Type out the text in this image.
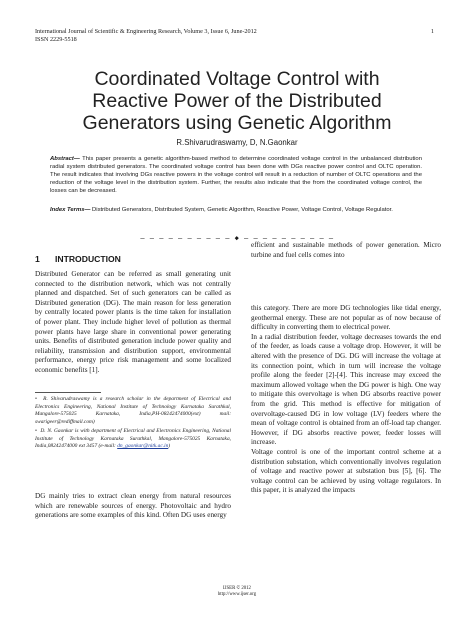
International Journal of Scientific & Engineering Research, Volume 3, Issue 6, June-2012
ISSN 2229-5518
1
Coordinated Voltage Control with
Reactive Power of the Distributed
Generators using Genetic Algorithm
R.Shivarudraswamy, D, N.Gaonkar
Abstract— This paper presents a genetic algorithm-based method to determine coordinated voltage control in the unbalanced distribution radial system distributed generators. The coordinated voltage control has been done with DGs reactive power control and OLTC operation. The result indicates that involving DGs reactive powers in the voltage control will result in a reduction of number of OLTC operations and the reduction of the voltage level in the distribution system. Further, the results also indicate that the from the coordinated voltage control, the losses can be decreased.
Index Terms— Distributed Generators, Distributed System, Genetic Algorithm, Reactive Power, Voltage Control, Voltage Regulator.
– – – – – – – – – – ◆ – – – – – – – – – –

efficient and sustainable methods of power generation. Micro turbine and fuel cells comes into

1 INTRODUCTION

Distributed Generator can be referred as small generating unit connected to the distribution network, which was not centrally planned and dispatched. Set of such generators can be called as Distributed generation (DG). The main reason for less generation by centrally located power plants is the time taken for installation of power plant. They include higher level of pollution as thermal power plants have large share in conventional power generating units. Benefits of distributed generation include power quality and reliability, transmission and distribution support, environmental performance, energy price risk management and some localized economic benefits [1].

•  R. Shivarudraswamy is a research scholar in the department of Electrical and Electronics Engineering, National Institute of Technology Karnataka Surathkal, Mangalore-575025 Karnataka, India,PH-08242474000(ext) mail: swarigeer@rediffmail.com)
•  D. N. Gaonkar is with department of Electrical and Electronics Engineering, National Institute of Technology Karnataka Surathkal, Mangalore-575025 Karnataka, India,08242474000 ext 3457 (e-mail: dn_gaonkar@nitk.ac.in)

DG mainly tries to extract clean energy from natural resources which are renewable sources of energy. Photovoltaic and hydro generations are some examples of this kind. Often DG uses energy

this category. There are more DG technologies like tidal energy, geothermal energy. These are not popular as of now because of difficulty in converting them to electrical power.

In a radial distribution feeder, voltage decreases towards the end of the feeder, as loads cause a voltage drop. However, it will be altered with the presence of DG. DG will increase the voltage at its connection point, which in turn will increase the voltage profile along the feeder [2]-[4]. This increase may exceed the maximum allowed voltage when the DG power is high. One way to mitigate this overvoltage is when DG absorbs reactive power from the grid. This method is effective for mitigation of overvoltage-caused DG in low voltage (LV) feeders where the mean of voltage control is obtained from an off-load tap changer. However, if DG absorbs reactive power, feeder losses will increase.

Voltage control is one of the important control scheme at a distribution substation, which conventionally involves regulation of voltage and reactive power at substation bus [5], [6]. The voltage control can be achieved by using voltage regulators. In this paper, it is analyzed the impacts

IJSER © 2012
http://www.ijser.org
